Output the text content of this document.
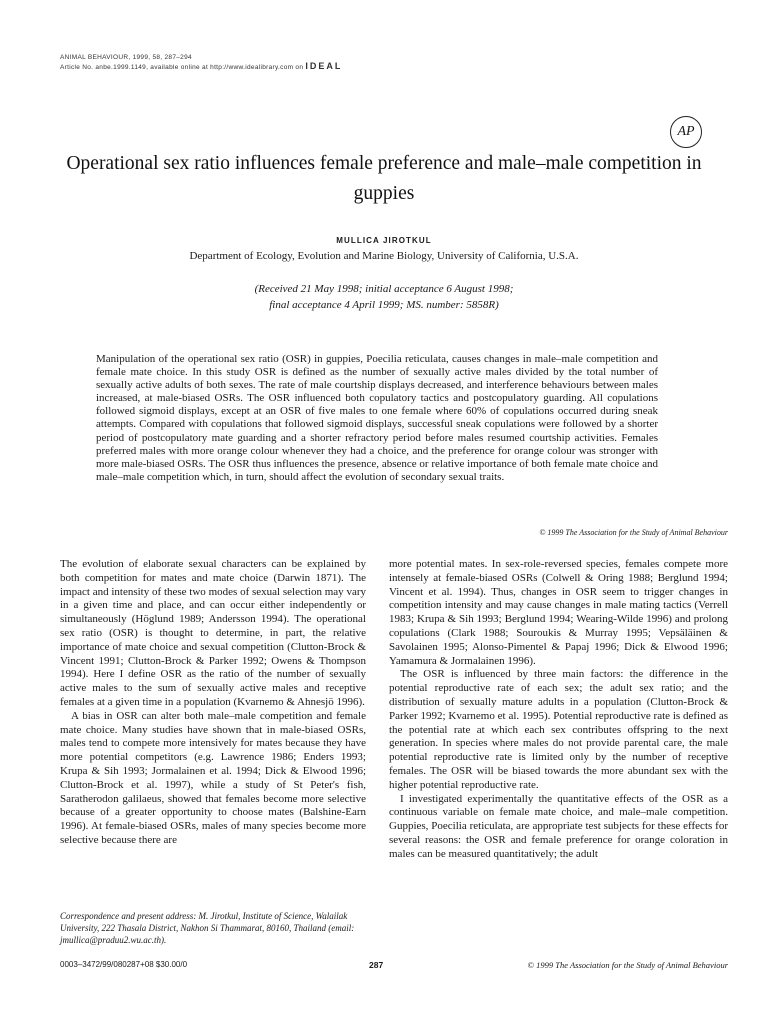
ANIMAL BEHAVIOUR, 1999, 58, 287–294
Article No. anbe.1999.1149, available online at http://www.idealibrary.com on IDEAL
AP
Operational sex ratio influences female preference and male–male competition in guppies
MULLICA JIROTKUL
Department of Ecology, Evolution and Marine Biology, University of California, U.S.A.
(Received 21 May 1998; initial acceptance 6 August 1998;
final acceptance 4 April 1999; MS. number: 5858R)
Manipulation of the operational sex ratio (OSR) in guppies, Poecilia reticulata, causes changes in male–male competition and female mate choice. In this study OSR is defined as the number of sexually active males divided by the total number of sexually active adults of both sexes. The rate of male courtship displays decreased, and interference behaviours between males increased, at male-biased OSRs. The OSR influenced both copulatory tactics and postcopulatory guarding. All copulations followed sigmoid displays, except at an OSR of five males to one female where 60% of copulations occurred during sneak attempts. Compared with copulations that followed sigmoid displays, successful sneak copulations were followed by a shorter period of postcopulatory mate guarding and a shorter refractory period before males resumed courtship activities. Females preferred males with more orange colour whenever they had a choice, and the preference for orange colour was stronger with more male-biased OSRs. The OSR thus influences the presence, absence or relative importance of both female mate choice and male–male competition which, in turn, should affect the evolution of secondary sexual traits.
© 1999 The Association for the Study of Animal Behaviour

The evolution of elaborate sexual characters can be explained by both competition for mates and mate choice (Darwin 1871). The impact and intensity of these two modes of sexual selection may vary in a given time and place, and can occur either independently or simultaneously (Höglund 1989; Andersson 1994). The operational sex ratio (OSR) is thought to determine, in part, the relative importance of mate choice and sexual competition (Clutton-Brock & Vincent 1991; Clutton-Brock & Parker 1992; Owens & Thompson 1994). Here I define OSR as the ratio of the number of sexually active males to the sum of sexually active males and receptive females at a given time in a population (Kvarnemo & Ahnesjö 1996).

A bias in OSR can alter both male–male competition and female mate choice. Many studies have shown that in male-biased OSRs, males tend to compete more intensively for mates because they have more potential competitors (e.g. Lawrence 1986; Enders 1993; Krupa & Sih 1993; Jormalainen et al. 1994; Dick & Elwood 1996; Clutton-Brock et al. 1997), while a study of St Peter's fish, Saratherodon galilaeus, showed that females become more selective because of a greater opportunity to choose mates (Balshine-Earn 1996). At female-biased OSRs, males of many species become more selective because there are

Correspondence and present address: M. Jirotkul, Institute of Science, Walailak University, 222 Thasala District, Nakhon Si Thammarat, 80160, Thailand (email: jmullica@praduu2.wu.ac.th).

more potential mates. In sex-role-reversed species, females compete more intensely at female-biased OSRs (Colwell & Oring 1988; Berglund 1994; Vincent et al. 1994). Thus, changes in OSR seem to trigger changes in competition intensity and may cause changes in male mating tactics (Verrell 1983; Krupa & Sih 1993; Berglund 1994; Wearing-Wilde 1996) and prolong copulations (Clark 1988; Souroukis & Murray 1995; Vepsäläinen & Savolainen 1995; Alonso-Pimentel & Papaj 1996; Dick & Elwood 1996; Yamamura & Jormalainen 1996).

The OSR is influenced by three main factors: the difference in the potential reproductive rate of each sex; the adult sex ratio; and the distribution of sexually mature adults in a population (Clutton-Brock & Parker 1992; Kvarnemo et al. 1995). Potential reproductive rate is defined as the potential rate at which each sex contributes offspring to the next generation. In species where males do not provide parental care, the male potential reproductive rate is limited only by the number of receptive females. The OSR will be biased towards the more abundant sex with the higher potential reproductive rate.

I investigated experimentally the quantitative effects of the OSR as a continuous variable on female mate choice, and male–male competition. Guppies, Poecilia reticulata, are appropriate test subjects for these effects for several reasons: the OSR and female preference for orange coloration in males can be measured quantitatively; the adult

0003–3472/99/080287+08 $30.00/0	287	© 1999 The Association for the Study of Animal Behaviour
